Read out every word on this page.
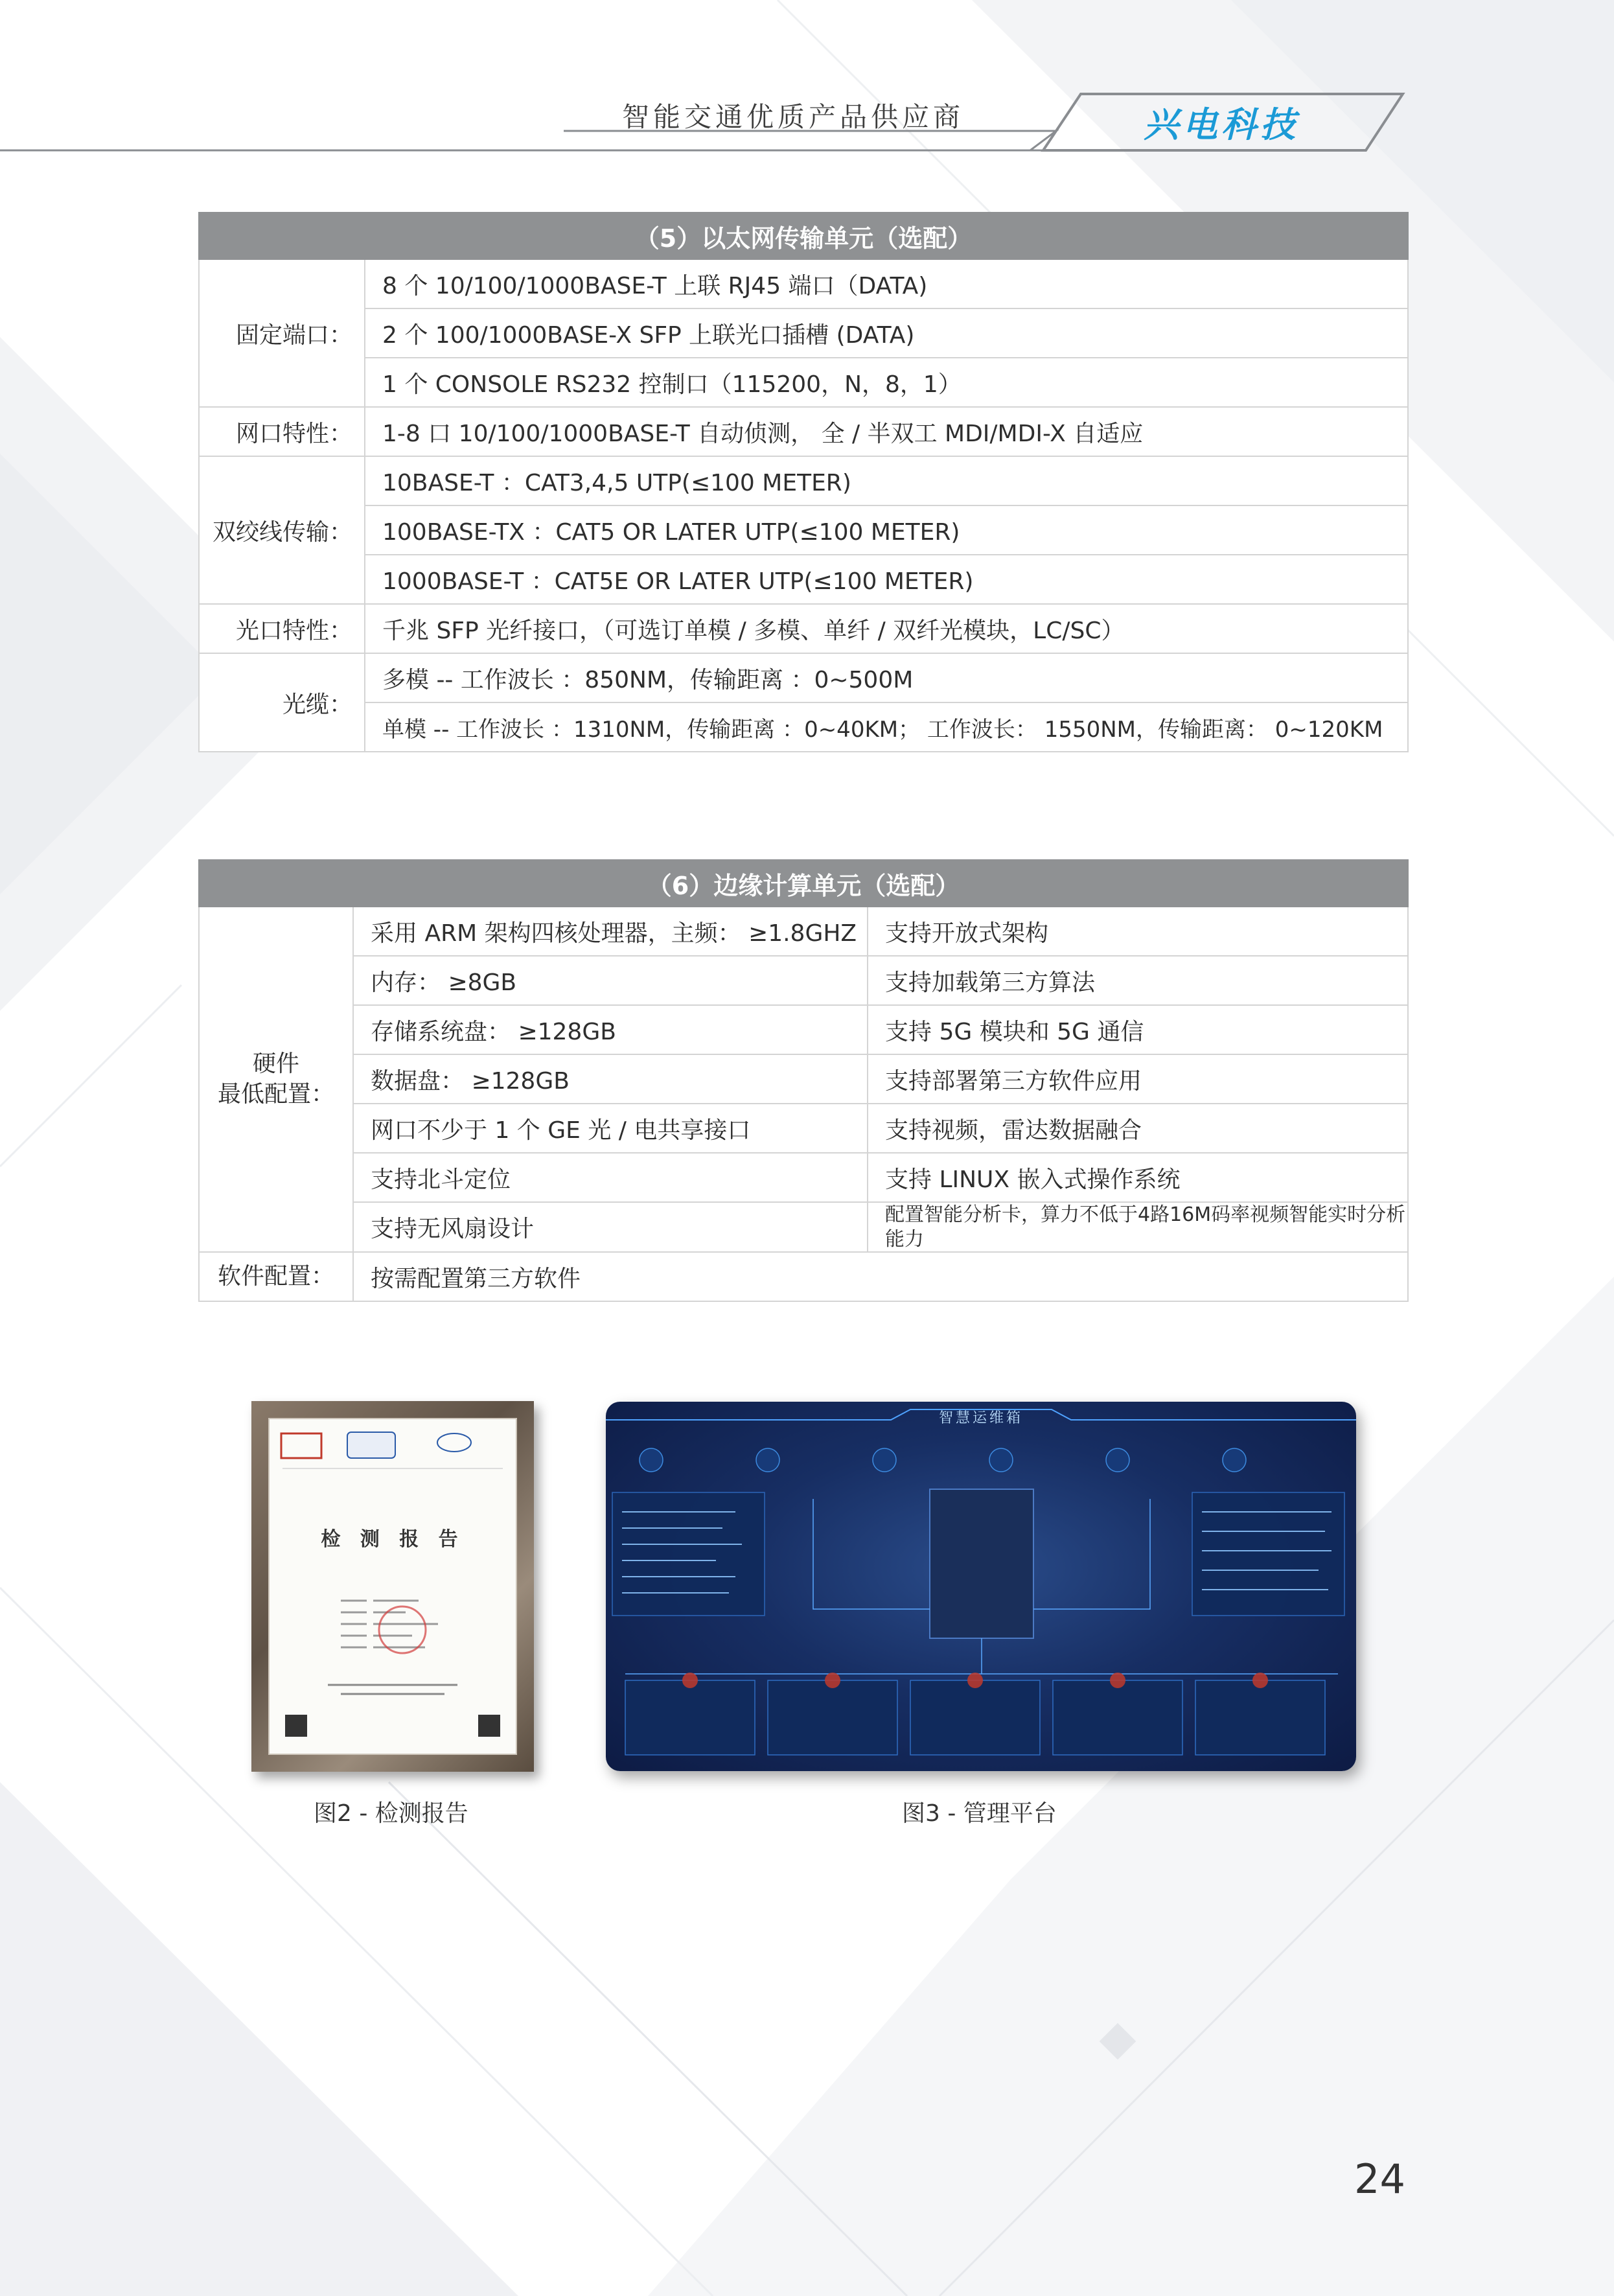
智能交通优质产品供应商	兴电科技
（5）以太网传输单元（选配）	
固定端口：	8 个 10/100/1000BASE-T 上联 RJ45 端口（DATA)
	2 个 100/1000BASE-X SFP 上联光口插槽 (DATA)
	1 个 CONSOLE RS232 控制口（115200，N，8，1）
网口特性：	1-8 口 10/100/1000BASE-T 自动侦测， 全 / 半双工 MDI/MDI-X 自适应
双绞线传输：	10BASE-T ：CAT3,4,5 UTP(≤100 METER)
	100BASE-TX ：CAT5 OR LATER UTP(≤100 METER)
	1000BASE-T ：CAT5E OR LATER UTP(≤100 METER)
光口特性：	千兆 SFP 光纤接口，（可选订单模 / 多模、单纤 / 双纤光模块，LC/SC）
光缆：	多模 -- 工作波长 ：850NM，传输距离 ：0~500M
	单模 -- 工作波长 ：1310NM，传输距离 ：0~40KM； 工作波长： 1550NM，传输距离： 0~120KM
（6）边缘计算单元（选配）		
硬件
最低配置：	采用 ARM 架构四核处理器，主频： ≥1.8GHZ	支持开放式架构
	内存： ≥8GB	支持加载第三方算法
	存储系统盘： ≥128GB	支持 5G 模块和 5G 通信
	数据盘： ≥128GB	支持部署第三方软件应用
	网口不少于 1 个 GE 光 / 电共享接口	支持视频，雷达数据融合
	支持北斗定位	支持 LINUX 嵌入式操作系统
	支持无风扇设计	配置智能分析卡，算力不低于4路16M码率视频智能实时分析能力
软件配置：	按需配置第三方软件	
检 测 报 告
图2 - 检测报告
智慧运维箱
图3 - 管理平台
24
